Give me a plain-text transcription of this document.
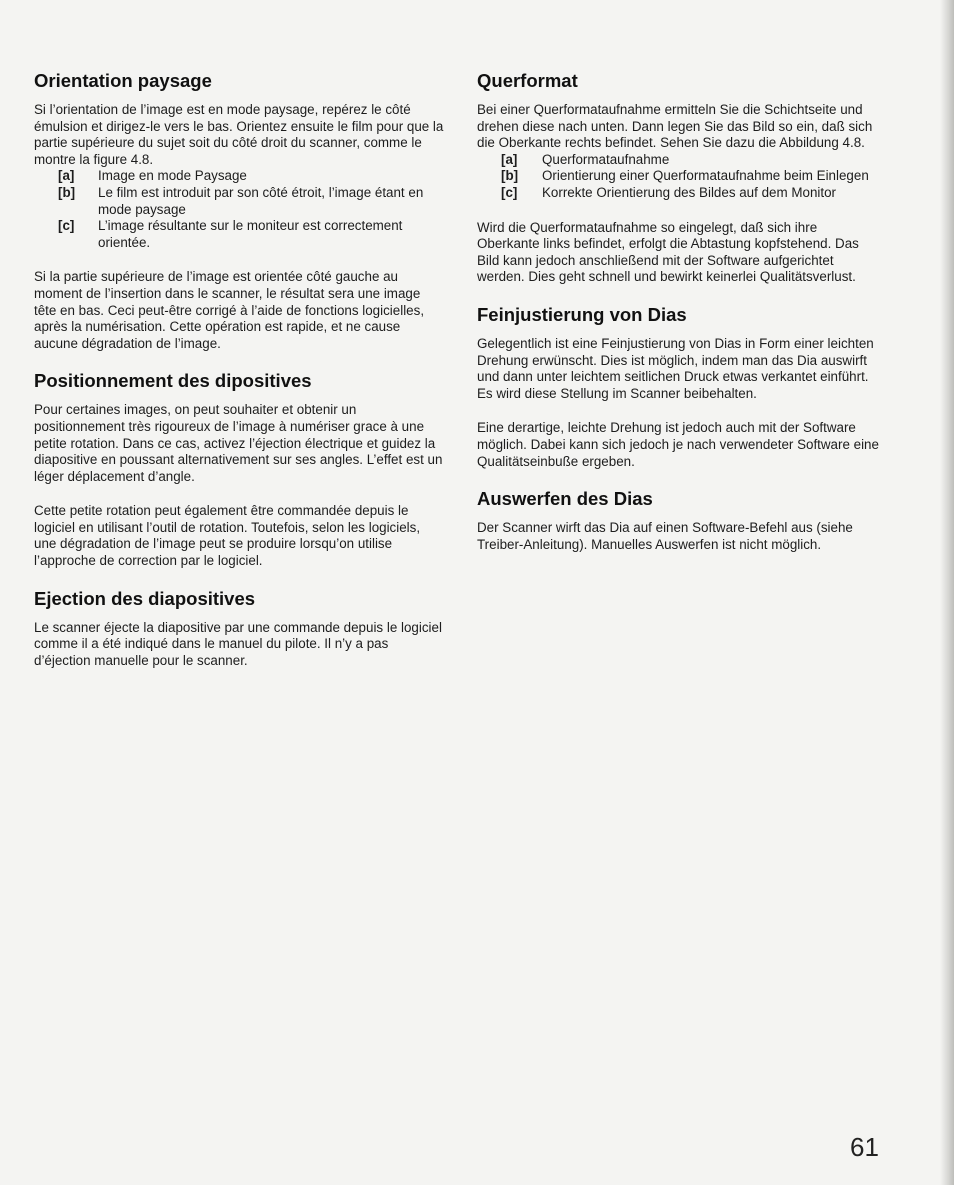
Orientation paysage

Si l’orientation de l’image est en mode paysage, repérez le côté émulsion et dirigez-le vers le bas. Orientez ensuite le film pour que la partie supérieure du sujet soit du côté droit du scanner, comme le montre la figure 4.8.

[a]	Image en mode Paysage
[b]	Le film est introduit par son côté étroit, l’image étant en mode paysage
[c]	L’image résultante sur le moniteur est correctement orientée.

Si la partie supérieure de l’image est orientée côté gauche au moment de l’insertion dans le scanner, le résultat sera une image tête en bas. Ceci peut-être corrigé à l’aide de fonctions logicielles, après la numérisation. Cette opération est rapide, et ne cause aucune dégradation de l’image.

Positionnement des dipositives

Pour certaines images, on peut souhaiter et obtenir un positionnement très rigoureux de l’image à numériser grace à une petite rotation. Dans ce cas, activez l’éjection électrique et guidez la diapositive en poussant alternativement sur ses angles. L’effet est un léger déplacement d’angle.

Cette petite rotation peut également être commandée depuis le logiciel en utilisant l’outil de rotation. Toutefois, selon les logiciels, une dégradation de l’image peut se produire lorsqu’on utilise l’approche de correction par le logiciel.

Ejection des diapositives

Le scanner éjecte la diapositive par une commande depuis le logiciel comme il a été indiqué dans le manuel du pilote. Il n’y a pas d’éjection manuelle pour le scanner.

Querformat

Bei einer Querformataufnahme ermitteln Sie die Schichtseite und drehen diese nach unten. Dann legen Sie das Bild so ein, daß sich die Oberkante rechts befindet. Sehen Sie dazu die Abbildung 4.8.

[a]	Querformataufnahme
[b]	Orientierung einer Querformataufnahme beim Einlegen
[c]	Korrekte Orientierung des Bildes auf dem Monitor

Wird die Querformataufnahme so eingelegt, daß sich ihre Oberkante links befindet, erfolgt die Abtastung kopfstehend. Das Bild kann jedoch anschließend mit der Software aufgerichtet werden. Dies geht schnell und bewirkt keinerlei Qualitätsverlust.

Feinjustierung von Dias

Gelegentlich ist eine Feinjustierung von Dias in Form einer leichten Drehung erwünscht. Dies ist möglich, indem man das Dia auswirft und dann unter leichtem seitlichen Druck etwas verkantet einführt. Es wird diese Stellung im Scanner beibehalten.

Eine derartige, leichte Drehung ist jedoch auch mit der Software möglich. Dabei kann sich jedoch je nach verwendeter Software eine Qualitätseinbuße ergeben.

Auswerfen des Dias

Der Scanner wirft das Dia auf einen Software-Befehl aus (siehe Treiber-Anleitung). Manuelles Auswerfen ist nicht möglich.

61
